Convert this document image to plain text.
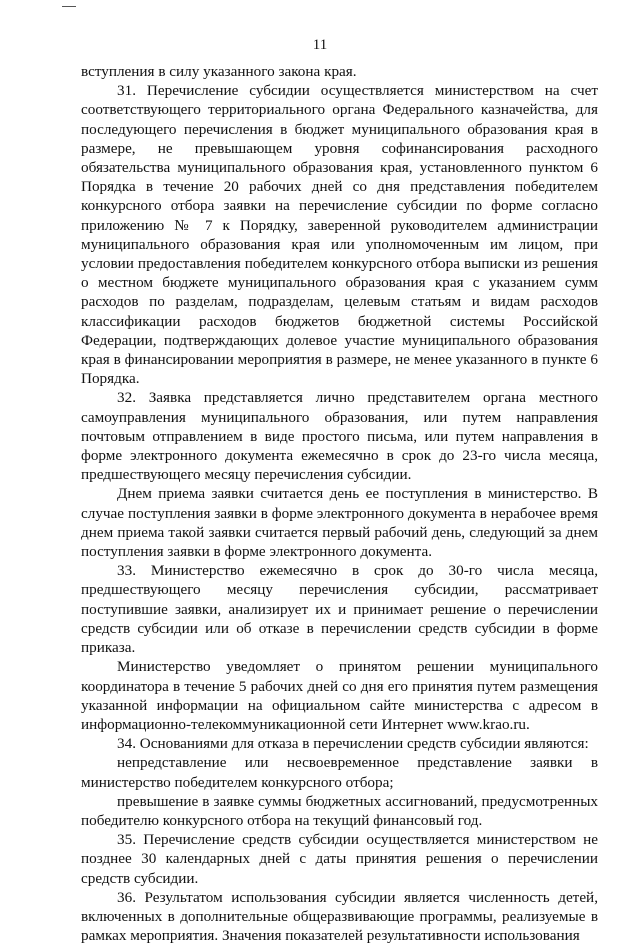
11

вступления в силу указанного закона края.

31. Перечисление субсидии осуществляется министерством на счет соответствующего территориального органа Федерального казначейства, для последующего перечисления в бюджет муниципального образования края в размере, не превышающем уровня софинансирования расходного обязательства муниципального образования края, установленного пунктом 6 Порядка в течение 20 рабочих дней со дня представления победителем конкурсного отбора заявки на перечисление субсидии по форме согласно приложению № 7 к Порядку, заверенной руководителем администрации муниципального образования края или уполномоченным им лицом, при условии предоставления победителем конкурсного отбора выписки из решения о местном бюджете муниципального образования края с указанием сумм расходов по разделам, подразделам, целевым статьям и видам расходов классификации расходов бюджетов бюджетной системы Российской Федерации, подтверждающих долевое участие муниципального образования края в финансировании мероприятия в размере, не менее указанного в пункте 6 Порядка.

32. Заявка представляется лично представителем органа местного самоуправления муниципального образования, или путем направления почтовым отправлением в виде простого письма, или путем направления в форме электронного документа ежемесячно в срок до 23-го числа месяца, предшествующего месяцу перечисления субсидии.

Днем приема заявки считается день ее поступления в министерство. В случае поступления заявки в форме электронного документа в нерабочее время днем приема такой заявки считается первый рабочий день, следующий за днем поступления заявки в форме электронного документа.

33. Министерство ежемесячно в срок до 30-го числа месяца, предшествующего месяцу перечисления субсидии, рассматривает поступившие заявки, анализирует их и принимает решение о перечислении средств субсидии или об отказе в перечислении средств субсидии в форме приказа.

Министерство уведомляет о принятом решении муниципального координатора в течение 5 рабочих дней со дня его принятия путем размещения указанной информации на официальном сайте министерства с адресом в информационно-телекоммуникационной сети Интернет www.krao.ru.

34. Основаниями для отказа в перечислении средств субсидии являются:

непредставление или несвоевременное представление заявки в министерство победителем конкурсного отбора;

превышение в заявке суммы бюджетных ассигнований, предусмотренных победителю конкурсного отбора на текущий финансовый год.

35. Перечисление средств субсидии осуществляется министерством не позднее 30 календарных дней с даты принятия решения о перечислении средств субсидии.

36. Результатом использования субсидии является численность детей, включенных в дополнительные общеразвивающие программы, реализуемые в рамках мероприятия. Значения показателей результативности использования
